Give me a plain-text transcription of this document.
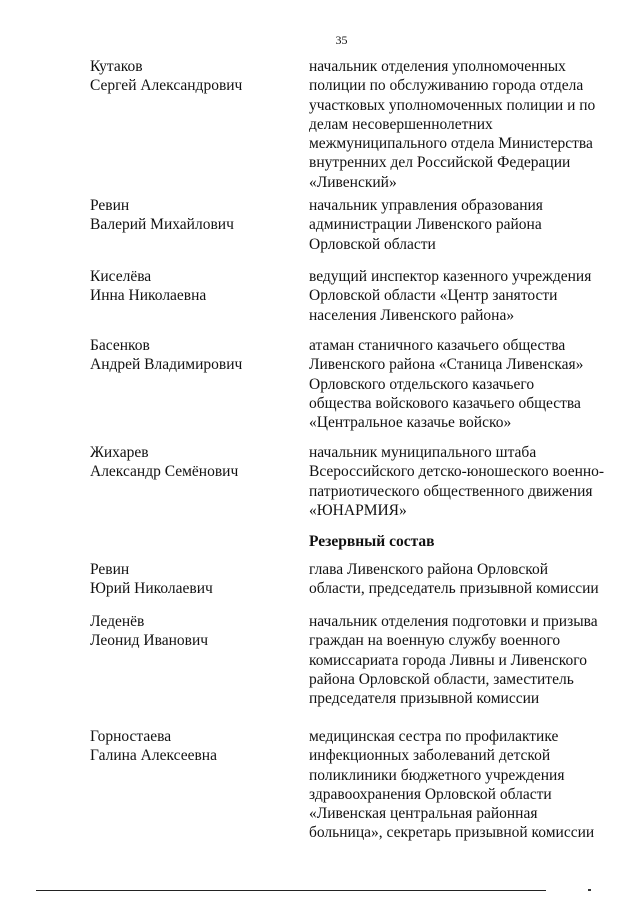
35
Кутаков
Сергей Александрович
начальник отделения уполномоченных
полиции по обслуживанию города отдела
участковых уполномоченных полиции и по
делам несовершеннолетних
межмуниципального отдела Министерства
внутренних дел Российской Федерации
«Ливенский»
Ревин
Валерий Михайлович
начальник управления образования
администрации Ливенского района
Орловской области
Киселёва
Инна Николаевна
ведущий инспектор казенного учреждения
Орловской области «Центр занятости
населения Ливенского района»
Басенков
Андрей Владимирович
атаман станичного казачьего общества
Ливенского района «Станица Ливенская»
Орловского отдельского казачьего
общества войскового казачьего общества
«Центральное казачье войско»
Жихарев
Александр Семёнович
начальник муниципального штаба
Всероссийского детско-юношеского военно-
патриотического общественного движения
«ЮНАРМИЯ»
Резервный состав
Ревин
Юрий Николаевич
глава Ливенского района Орловской
области, председатель призывной комиссии
Леденёв
Леонид Иванович
начальник отделения подготовки и призыва
граждан на военную службу военного
комиссариата города Ливны и Ливенского
района Орловской области, заместитель
председателя призывной комиссии
Горностаева
Галина Алексеевна
медицинская сестра по профилактике
инфекционных заболеваний детской
поликлиники бюджетного учреждения
здравоохранения Орловской области
«Ливенская центральная районная
больница», секретарь призывной комиссии
